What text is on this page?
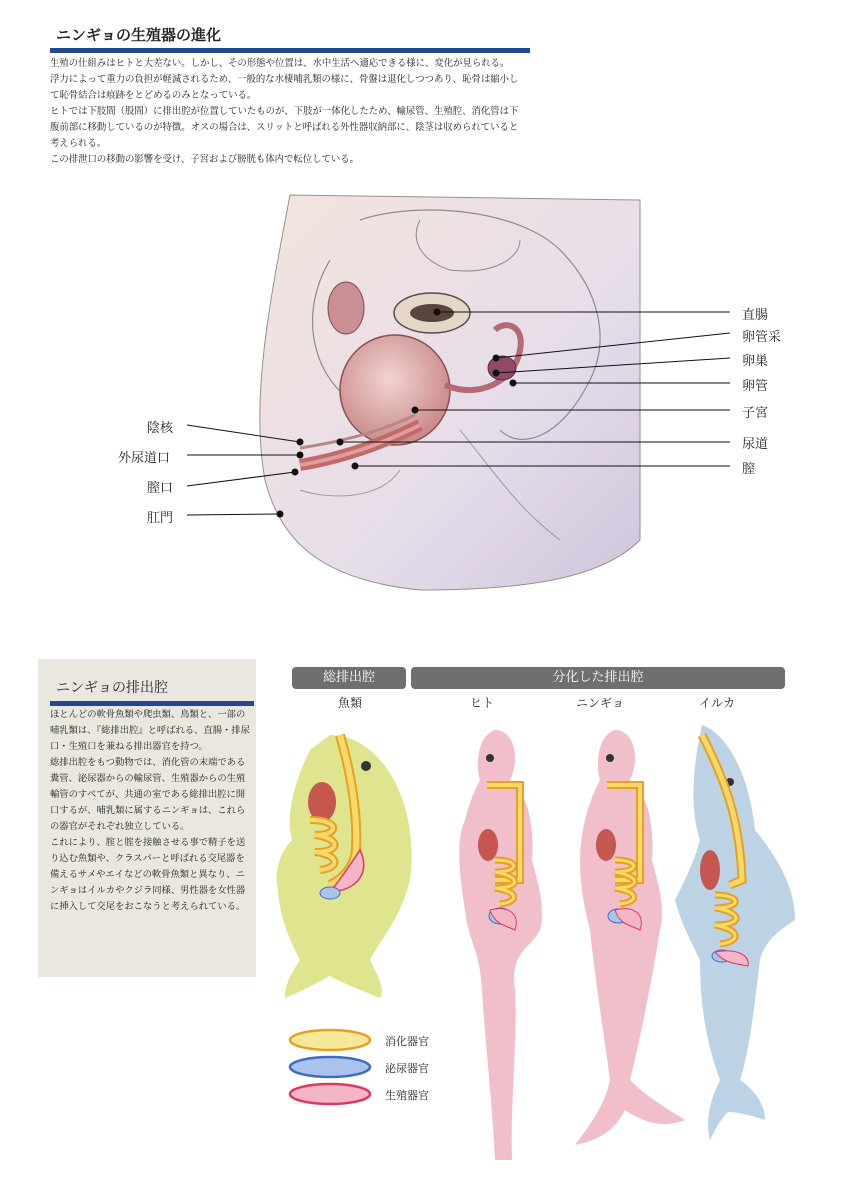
ニンギョの生殖器の進化

生殖の仕組みはヒトと大差ない。しかし、その形態や位置は、水中生活へ適応できる様に、変化が見られる。

浮力によって重力の負担が軽減されるため、一般的な水棲哺乳類の様に、骨盤は退化しつつあり、恥骨は縮小して恥骨結合は痕跡をとどめるのみとなっている。

ヒトでは下肢間（股間）に排出腔が位置していたものが、下肢が一体化したため、輸尿管、生殖腔、消化管は下腹前部に移動しているのが特徴。オスの場合は、スリットと呼ばれる外性器収納部に、陰茎は収められていると考えられる。

この排泄口の移動の影響を受け、子宮および膀胱も体内で転位している。

陰核
外尿道口
膣口
肛門
直腸
卵管采
卵巣
卵管
子宮
尿道
膣
ニンギョの排出腔

ほとんどの軟骨魚類や爬虫類、鳥類と、一部の哺乳類は、『総排出腔』と呼ばれる、直腸・排尿口・生殖口を兼ねる排出器官を持つ。

総排出腔をもつ動物では、消化管の末端である糞管、泌尿器からの輸尿管、生殖器からの生殖輸管のすべてが、共通の室である総排出腔に開口するが、哺乳類に属するニンギョは、これらの器官がそれぞれ独立している。

これにより、腟と腟を接触させる事で精子を送り込む魚類や、クラスパーと呼ばれる交尾器を備えるサメやエイなどの軟骨魚類と異なり、ニンギョはイルカやクジラ同様、男性器を女性器に挿入して交尾をおこなうと考えられている。

総排出腔	分化した排出腔
魚類	ヒト	ニンギョ	イルカ
消化器官
泌尿器官
生殖器官
